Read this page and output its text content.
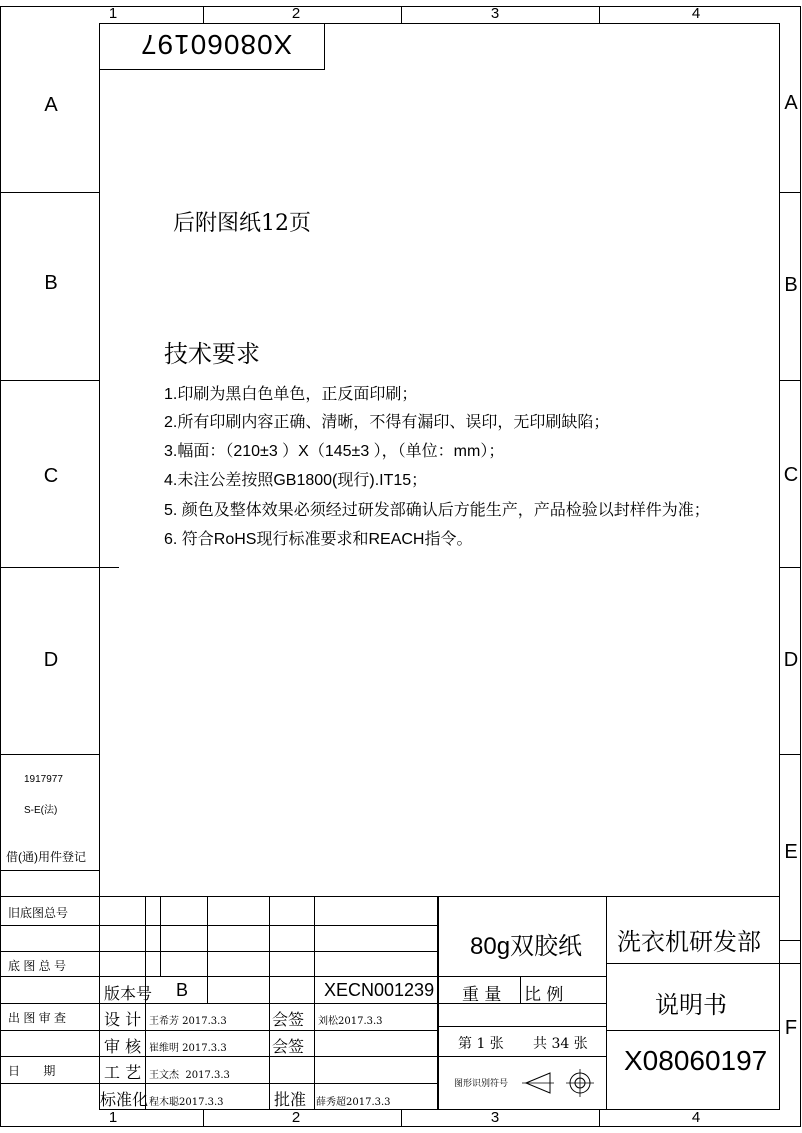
1	2	3	4
1	2	3	4
A
B
C
D
A
B
C
D
E
F
X08060197
后附图纸12页
技术要求
1.印刷为黑白色单色，正反面印刷；
2.所有印刷内容正确、清晰，不得有漏印、误印，无印刷缺陷；
3.幅面：（210±3 ）X（145±3 ），（单位：mm）；
4.未注公差按照GB1800(现行).IT15；
5. 颜色及整体效果必须经过研发部确认后方能生产，产品检验以封样件为准；
6. 符合RoHS现行标准要求和REACH指令。
1917977
S-E(法)
借(通)用件登记
旧底图总号
底 图 总 号
出 图 审 查
日       期
版本号 B	XECN001239
设 计 王希芳 2017.3.3	会签 刘松2017.3.3
审 核 崔维明 2017.3.3	会签
工 艺 王文杰  2017.3.3
标准化 程木聪2017.3.3	批准 薛秀超2017.3.3
80g双胶纸
重 量 比 例
第 1 张 共 34 张
图形识别符号
洗衣机研发部
说明书
X08060197
